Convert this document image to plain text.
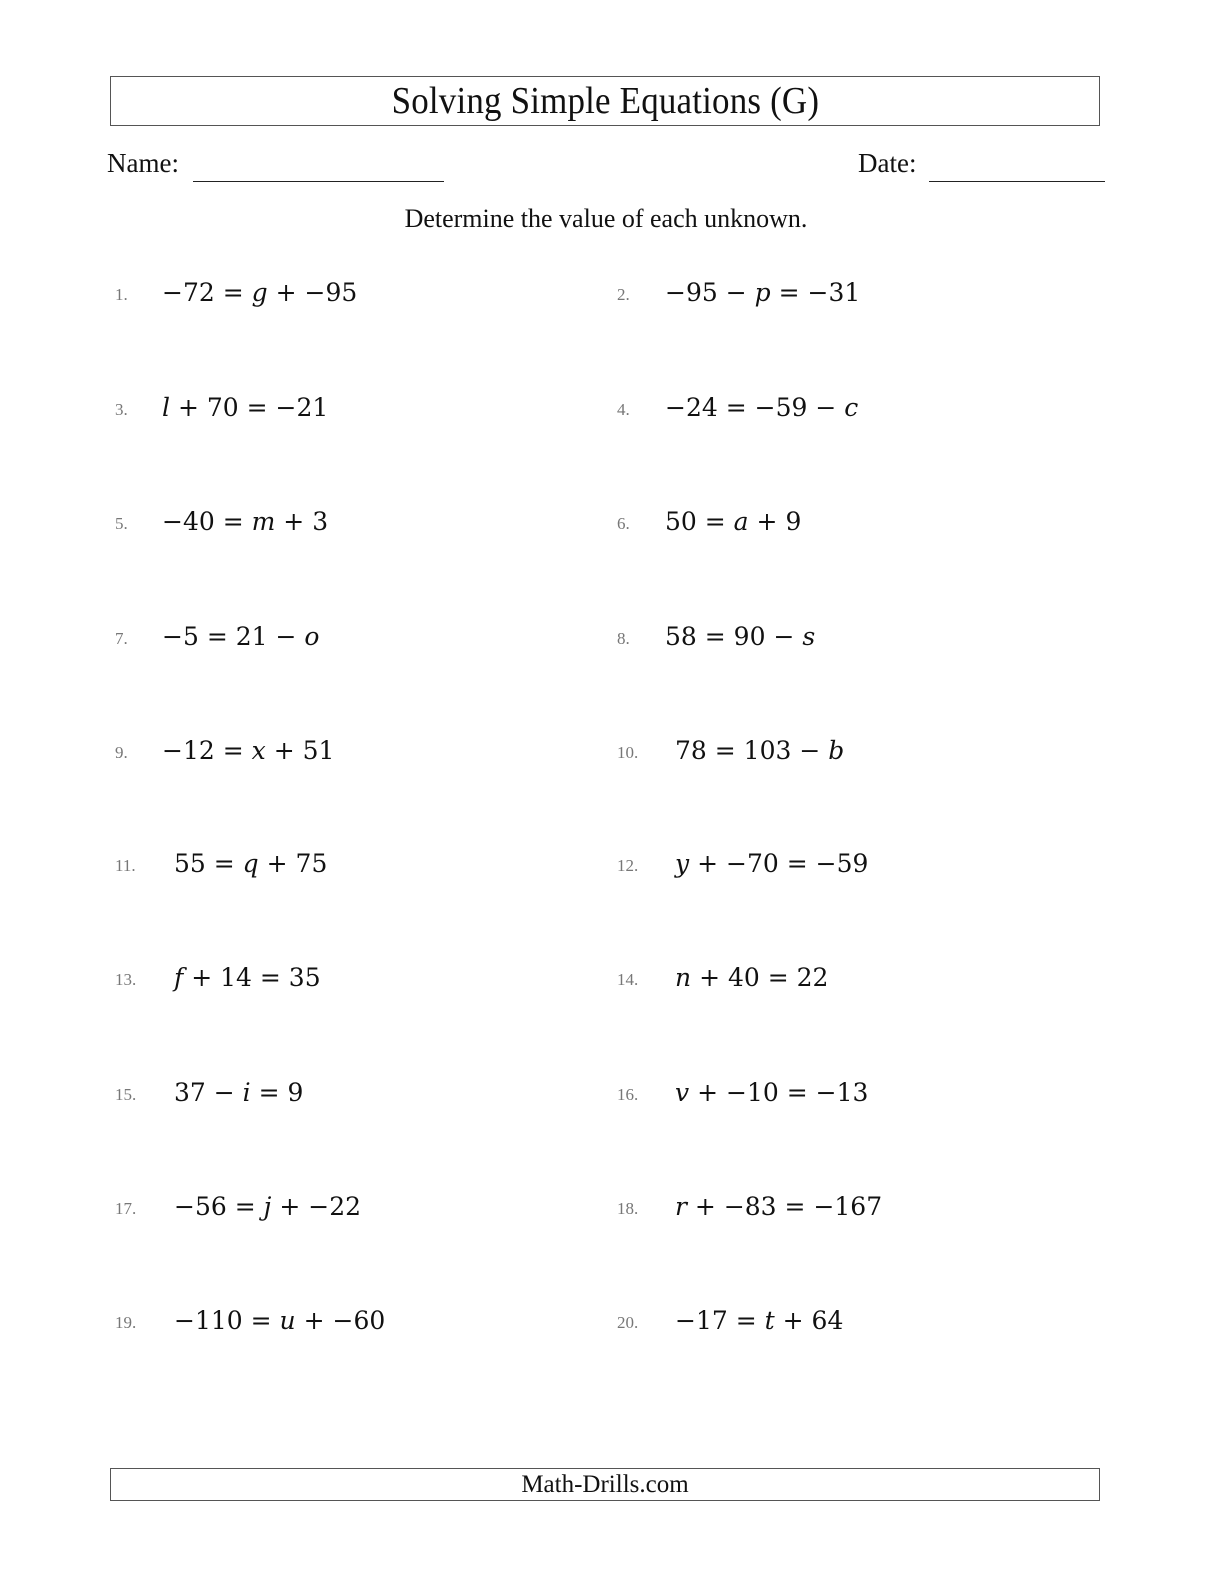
Solving Simple Equations (G)
Name:	Date:
Determine the value of each unknown.
1. −72 = g + −95	2. −95 − p = −31
3. l + 70 = −21	4. −24 = −59 − c
5. −40 = m + 3	6. 50 = a + 9
7. −5 = 21 − o	8. 58 = 90 − s
9. −12 = x + 51	10. 78 = 103 − b
11. 55 = q + 75	12. y + −70 = −59
13. f + 14 = 35	14. n + 40 = 22
15. 37 − i = 9	16. v + −10 = −13
17. −56 = j + −22	18. r + −83 = −167
19. −110 = u + −60	20. −17 = t + 64
Math-Drills.com
